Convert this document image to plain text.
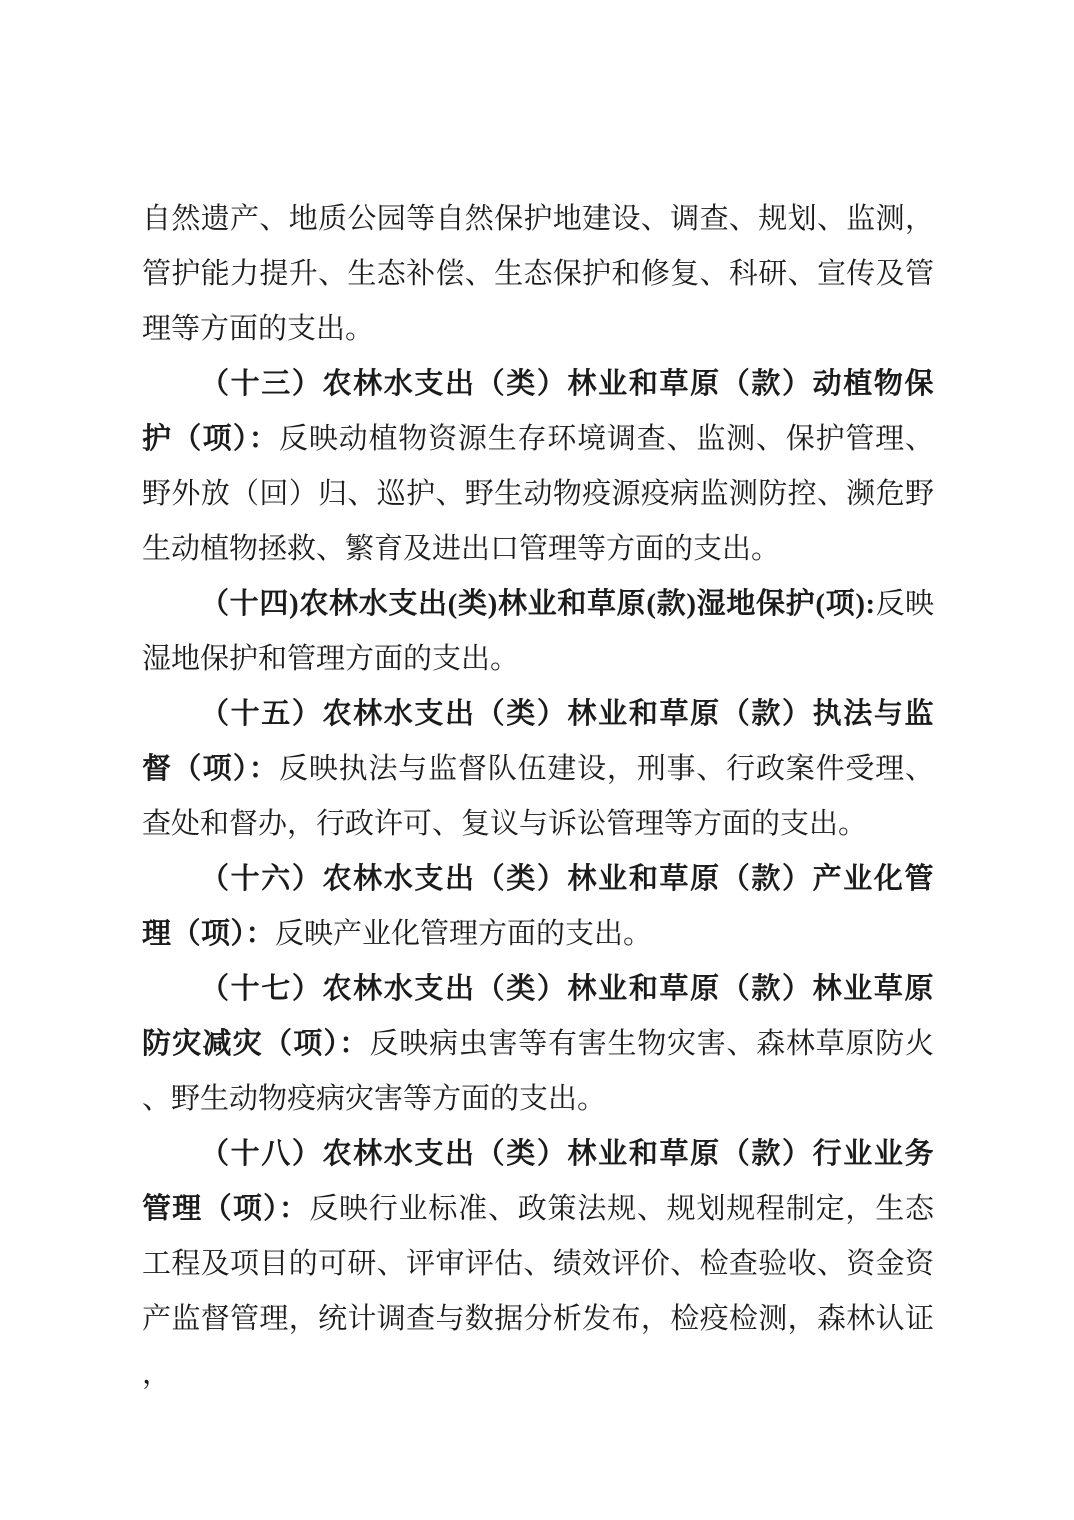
自然遗产、地质公园等自然保护地建设、调查、规划、监测，管护能力提升、生态补偿、生态保护和修复、科研、宣传及管理等方面的支出。

（十三）农林水支出（类）林业和草原（款）动植物保护（项）：反映动植物资源生存环境调查、监测、保护管理、野外放（回）归、巡护、野生动物疫源疫病监测防控、濒危野生动植物拯救、繁育及进出口管理等方面的支出。

（十四)农林水支出(类)林业和草原(款)湿地保护(项):反映湿地保护和管理方面的支出。

（十五）农林水支出（类）林业和草原（款）执法与监督（项）：反映执法与监督队伍建设，刑事、行政案件受理、查处和督办，行政许可、复议与诉讼管理等方面的支出。

（十六）农林水支出（类）林业和草原（款）产业化管理（项）：反映产业化管理方面的支出。

（十七）农林水支出（类）林业和草原（款）林业草原防灾减灾（项）：反映病虫害等有害生物灾害、森林草原防火、野生动物疫病灾害等方面的支出。

（十八）农林水支出（类）林业和草原（款）行业业务管理（项）：反映行业标准、政策法规、规划规程制定，生态工程及项目的可研、评审评估、绩效评价、检查验收、资金资产监督管理，统计调查与数据分析发布，检疫检测，森林认证，
